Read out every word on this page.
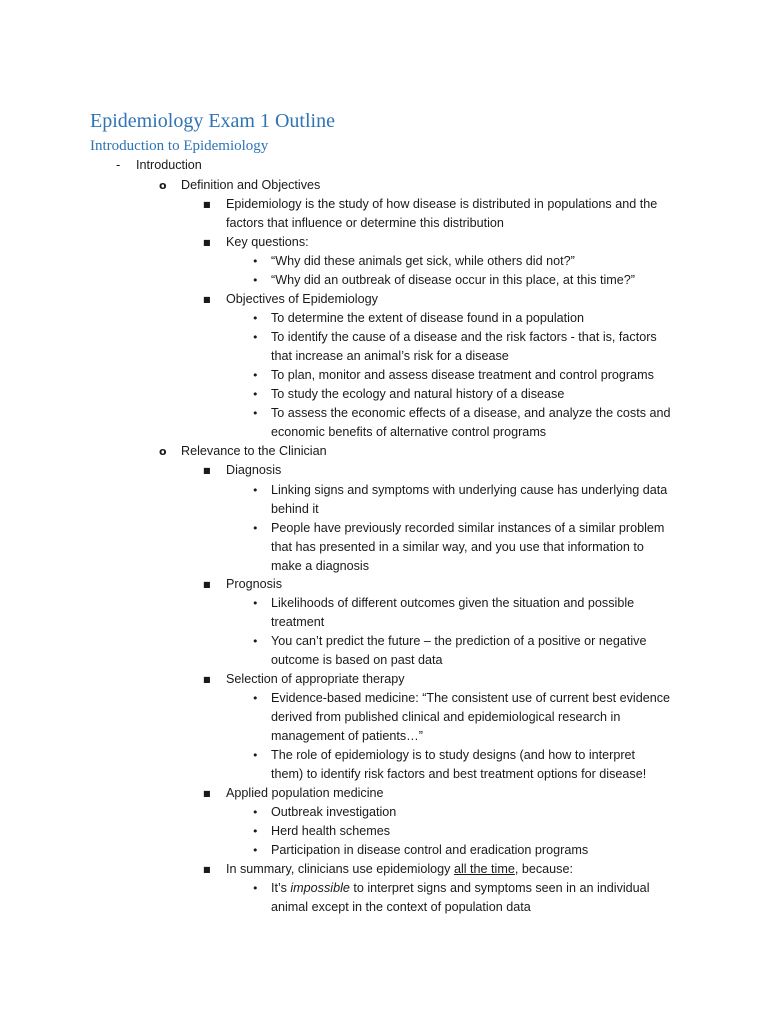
Epidemiology Exam 1 Outline
Introduction to Epidemiology
- Introduction
o Definition and Objectives
■ Epidemiology is the study of how disease is distributed in populations and the
factors that influence or determine this distribution
■ Key questions:
• “Why did these animals get sick, while others did not?”
• “Why did an outbreak of disease occur in this place, at this time?”
■ Objectives of Epidemiology
• To determine the extent of disease found in a population
• To identify the cause of a disease and the risk factors - that is, factors
that increase an animal’s risk for a disease
• To plan, monitor and assess disease treatment and control programs
• To study the ecology and natural history of a disease
• To assess the economic effects of a disease, and analyze the costs and
economic benefits of alternative control programs
o Relevance to the Clinician
■ Diagnosis
• Linking signs and symptoms with underlying cause has underlying data
behind it
• People have previously recorded similar instances of a similar problem
that has presented in a similar way, and you use that information to
make a diagnosis
■ Prognosis
• Likelihoods of different outcomes given the situation and possible
treatment
• You can’t predict the future – the prediction of a positive or negative
outcome is based on past data
■ Selection of appropriate therapy
• Evidence-based medicine: “The consistent use of current best evidence
derived from published clinical and epidemiological research in
management of patients…”
• The role of epidemiology is to study designs (and how to interpret
them) to identify risk factors and best treatment options for disease!
■ Applied population medicine
• Outbreak investigation
• Herd health schemes
• Participation in disease control and eradication programs
■ In summary, clinicians use epidemiology all the time, because:
• It’s impossible to interpret signs and symptoms seen in an individual
animal except in the context of population data
